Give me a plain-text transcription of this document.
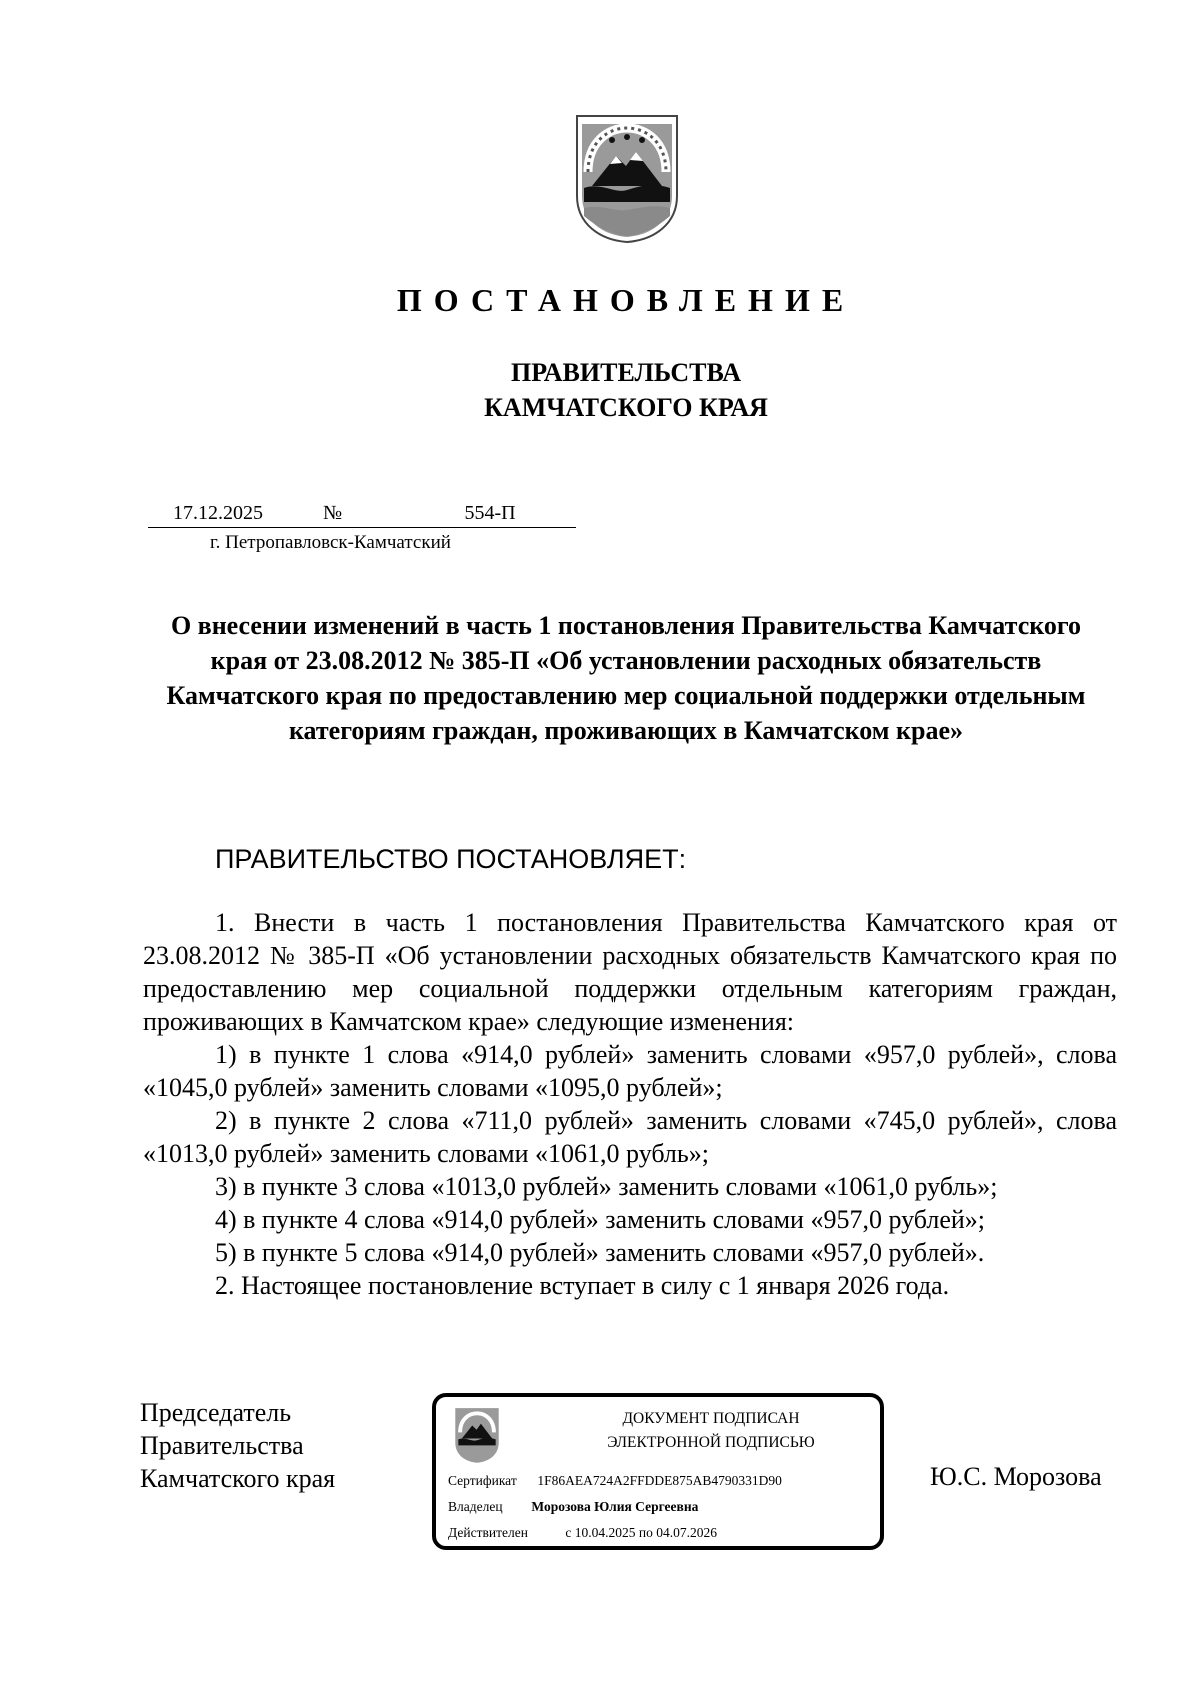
ПОСТАНОВЛЕНИЕ
ПРАВИТЕЛЬСТВА
КАМЧАТСКОГО КРАЯ
17.12.2025	№	554-П
г. Петропавловск-Камчатский
О внесении изменений в часть 1 постановления Правительства Камчатского края от 23.08.2012 № 385-П «Об установлении расходных обязательств Камчатского края по предоставлению мер социальной поддержки отдельным категориям граждан, проживающих в Камчатском крае»
ПРАВИТЕЛЬСТВО ПОСТАНОВЛЯЕТ:

1. Внести в часть 1 постановления Правительства Камчатского края от 23.08.2012 № 385-П «Об установлении расходных обязательств Камчатского края по предоставлению мер социальной поддержки отдельным категориям граждан, проживающих в Камчатском крае» следующие изменения:

1) в пункте 1 слова «914,0 рублей» заменить словами «957,0 рублей», слова «1045,0 рублей» заменить словами «1095,0 рублей»;

2) в пункте 2 слова «711,0 рублей» заменить словами «745,0 рублей», слова «1013,0 рублей» заменить словами «1061,0 рубль»;

3) в пункте 3 слова «1013,0 рублей» заменить словами «1061,0 рубль»;

4) в пункте 4 слова «914,0 рублей» заменить словами «957,0 рублей»;

5) в пункте 5 слова «914,0 рублей» заменить словами «957,0 рублей».

2. Настоящее постановление вступает в силу с 1 января 2026 года.

Председатель
Правительства
Камчатского края
ДОКУМЕНТ ПОДПИСАН
ЭЛЕКТРОННОЙ ПОДПИСЬЮ
Сертификат 1F86AEA724A2FFDDE875AB4790331D90
Владелец Морозова Юлия Сергеевна
Действителен	с 10.04.2025 по 04.07.2026
Ю.С. Морозова
